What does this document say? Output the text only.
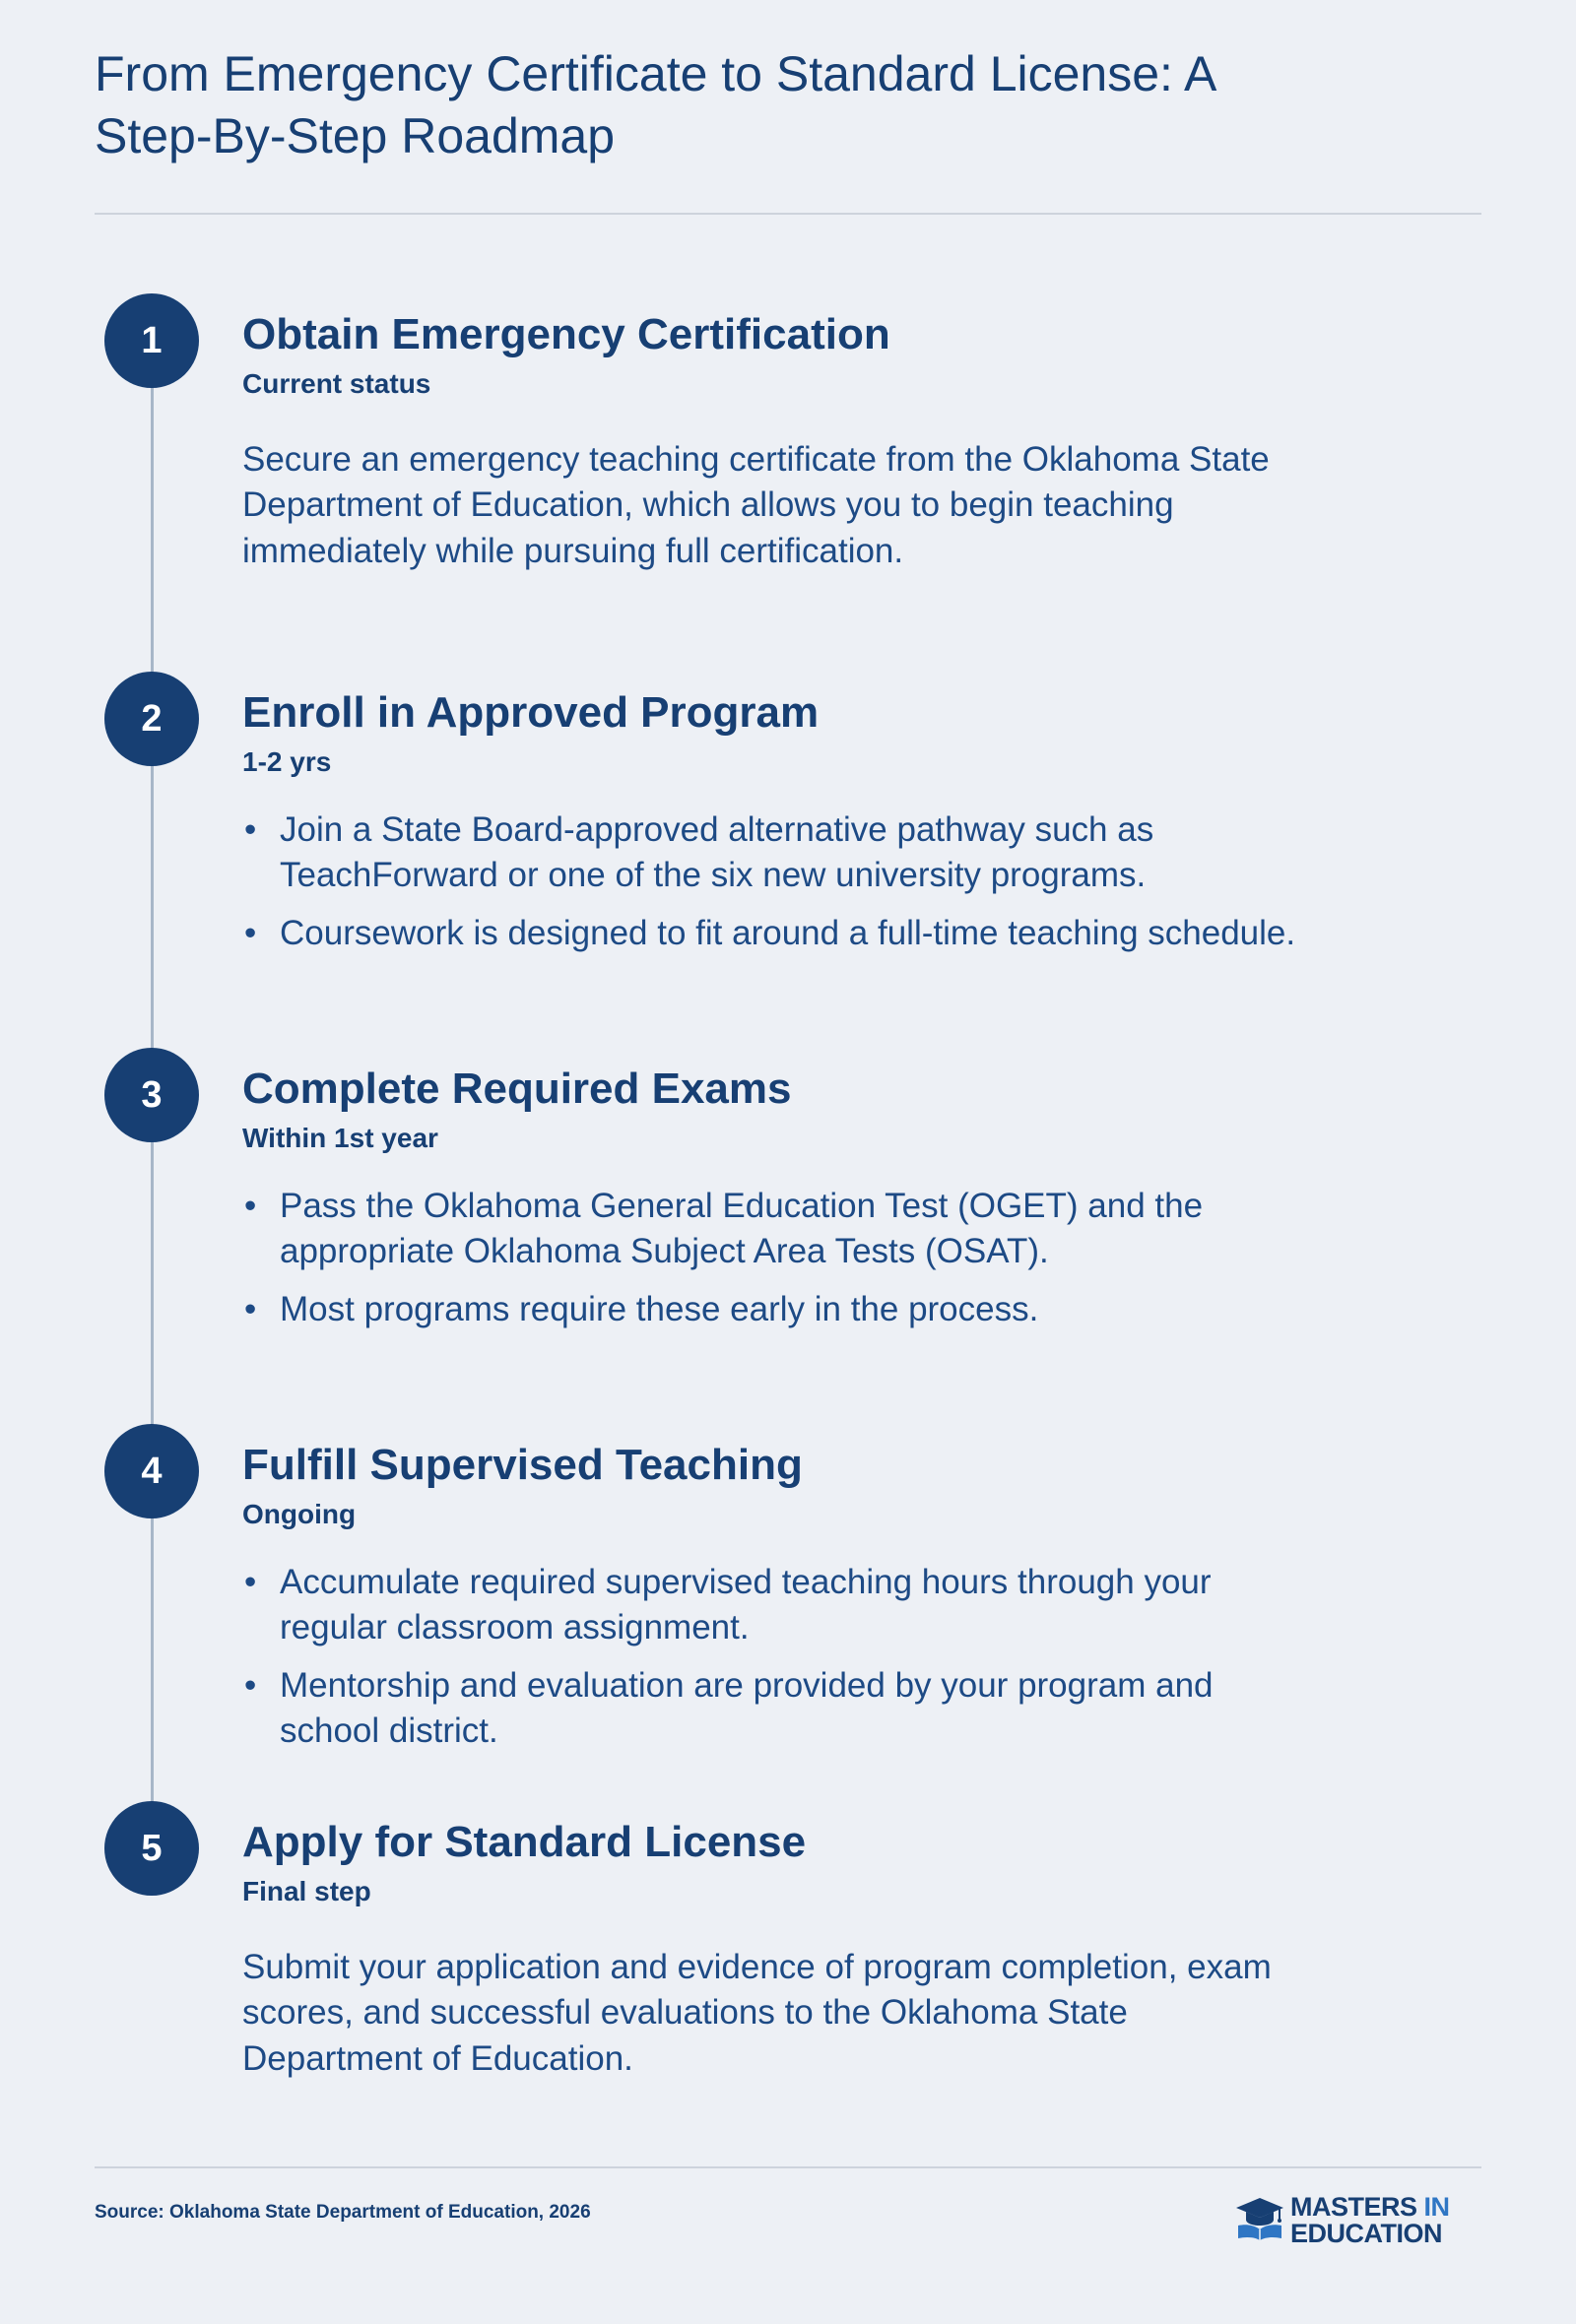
From Emergency Certificate to Standard License: A Step-By-Step Roadmap
1	Obtain Emergency Certification

Current status

Secure an emergency teaching certificate from the Oklahoma State Department of Education, which allows you to begin teaching immediately while pursuing full certification.

2	Enroll in Approved Program

1-2 yrs

• Join a State Board-approved alternative pathway such as TeachForward or one of the six new university programs.
• Coursework is designed to fit around a full-time teaching schedule.
3	Complete Required Exams

Within 1st year

• Pass the Oklahoma General Education Test (OGET) and the appropriate Oklahoma Subject Area Tests (OSAT).
• Most programs require these early in the process.
4	Fulfill Supervised Teaching

Ongoing

• Accumulate required supervised teaching hours through your regular classroom assignment.
• Mentorship and evaluation are provided by your program and school district.
5	Apply for Standard License

Final step

Submit your application and evidence of program completion, exam scores, and successful evaluations to the Oklahoma State Department of Education.

Source: Oklahoma State Department of Education, 2026	MASTERS IN
EDUCATION
